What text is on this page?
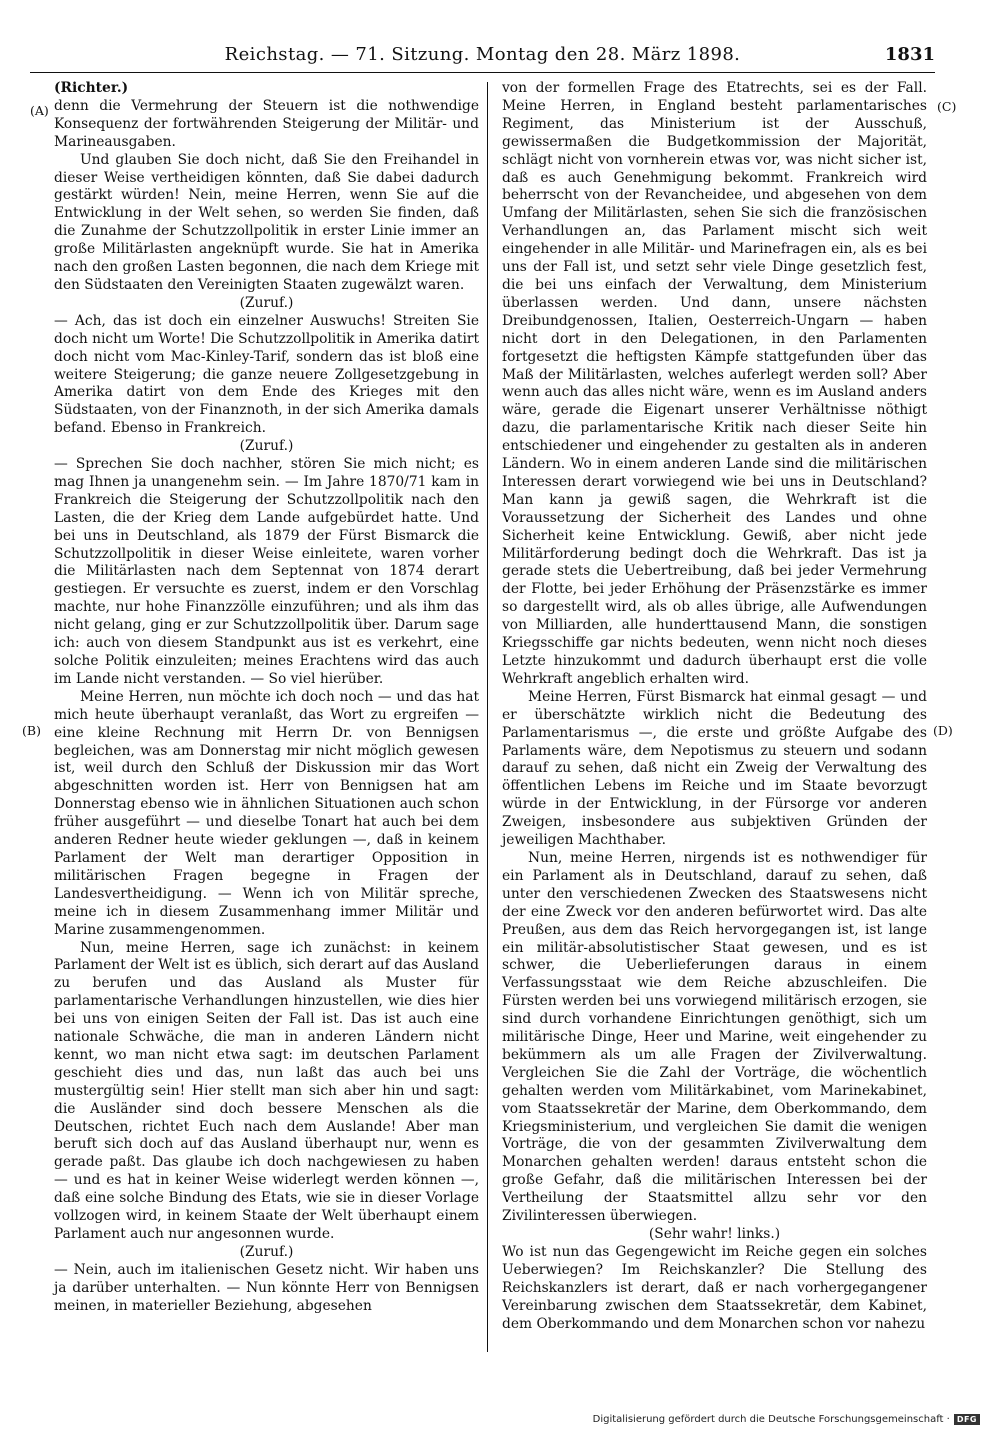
Reichstag. — 71. Sitzung. Montag den 28. März 1898.	1831
(A)
(B)
(C)
(D)

(Richter.)

denn die Vermehrung der Steuern ist die nothwendige Konsequenz der fortwährenden Steigerung der Militär- und Marineausgaben.

Und glauben Sie doch nicht, daß Sie den Freihandel in dieser Weise vertheidigen könnten, daß Sie dabei dadurch gestärkt würden! Nein, meine Herren, wenn Sie auf die Entwicklung in der Welt sehen, so werden Sie finden, daß die Zunahme der Schutzzollpolitik in erster Linie immer an große Militärlasten angeknüpft wurde. Sie hat in Amerika nach den großen Lasten begonnen, die nach dem Kriege mit den Südstaaten den Vereinigten Staaten zugewälzt waren.

(Zuruf.)

— Ach, das ist doch ein einzelner Auswuchs! Streiten Sie doch nicht um Worte! Die Schutzzollpolitik in Amerika datirt doch nicht vom Mac-Kinley-Tarif, sondern das ist bloß eine weitere Steigerung; die ganze neuere Zollgesetzgebung in Amerika datirt von dem Ende des Krieges mit den Südstaaten, von der Finanznoth, in der sich Amerika damals befand. Ebenso in Frankreich.

(Zuruf.)

— Sprechen Sie doch nachher, stören Sie mich nicht; es mag Ihnen ja unangenehm sein. — Im Jahre 1870/71 kam in Frankreich die Steigerung der Schutzzollpolitik nach den Lasten, die der Krieg dem Lande aufgebürdet hatte. Und bei uns in Deutschland, als 1879 der Fürst Bismarck die Schutzzollpolitik in dieser Weise einleitete, waren vorher die Militärlasten nach dem Septennat von 1874 derart gestiegen. Er versuchte es zuerst, indem er den Vorschlag machte, nur hohe Finanzzölle einzuführen; und als ihm das nicht gelang, ging er zur Schutzzollpolitik über. Darum sage ich: auch von diesem Standpunkt aus ist es verkehrt, eine solche Politik einzuleiten; meines Erachtens wird das auch im Lande nicht verstanden. — So viel hierüber.

Meine Herren, nun möchte ich doch noch — und das hat mich heute überhaupt veranlaßt, das Wort zu ergreifen — eine kleine Rechnung mit Herrn Dr. von Bennigsen begleichen, was am Donnerstag mir nicht möglich gewesen ist, weil durch den Schluß der Diskussion mir das Wort abgeschnitten worden ist. Herr von Bennigsen hat am Donnerstag ebenso wie in ähnlichen Situationen auch schon früher ausgeführt — und dieselbe Tonart hat auch bei dem anderen Redner heute wieder geklungen —, daß in keinem Parlament der Welt man derartiger Opposition in militärischen Fragen begegne in Fragen der Landesvertheidigung. — Wenn ich von Militär spreche, meine ich in diesem Zusammenhang immer Militär und Marine zusammengenommen.

Nun, meine Herren, sage ich zunächst: in keinem Parlament der Welt ist es üblich, sich derart auf das Ausland zu berufen und das Ausland als Muster für parlamentarische Verhandlungen hinzustellen, wie dies hier bei uns von einigen Seiten der Fall ist. Das ist auch eine nationale Schwäche, die man in anderen Ländern nicht kennt, wo man nicht etwa sagt: im deutschen Parlament geschieht dies und das, nun laßt das auch bei uns mustergültig sein! Hier stellt man sich aber hin und sagt: die Ausländer sind doch bessere Menschen als die Deutschen, richtet Euch nach dem Auslande! Aber man beruft sich doch auf das Ausland überhaupt nur, wenn es gerade paßt. Das glaube ich doch nachgewiesen zu haben — und es hat in keiner Weise widerlegt werden können —, daß eine solche Bindung des Etats, wie sie in dieser Vorlage vollzogen wird, in keinem Staate der Welt überhaupt einem Parlament auch nur angesonnen wurde.

(Zuruf.)

— Nein, auch im italienischen Gesetz nicht. Wir haben uns ja darüber unterhalten. — Nun könnte Herr von Bennigsen meinen, in materieller Beziehung, abgesehen

von der formellen Frage des Etatrechts, sei es der Fall. Meine Herren, in England besteht parlamentarisches Regiment, das Ministerium ist der Ausschuß, gewissermaßen die Budgetkommission der Majorität, schlägt nicht von vornherein etwas vor, was nicht sicher ist, daß es auch Genehmigung bekommt. Frankreich wird beherrscht von der Revancheidee, und abgesehen von dem Umfang der Militärlasten, sehen Sie sich die französischen Verhandlungen an, das Parlament mischt sich weit eingehender in alle Militär- und Marinefragen ein, als es bei uns der Fall ist, und setzt sehr viele Dinge gesetzlich fest, die bei uns einfach der Verwaltung, dem Ministerium überlassen werden. Und dann, unsere nächsten Dreibundgenossen, Italien, Oesterreich-Ungarn — haben nicht dort in den Delegationen, in den Parlamenten fortgesetzt die heftigsten Kämpfe stattgefunden über das Maß der Militärlasten, welches auferlegt werden soll? Aber wenn auch das alles nicht wäre, wenn es im Ausland anders wäre, gerade die Eigenart unserer Verhältnisse nöthigt dazu, die parlamentarische Kritik nach dieser Seite hin entschiedener und eingehender zu gestalten als in anderen Ländern. Wo in einem anderen Lande sind die militärischen Interessen derart vorwiegend wie bei uns in Deutschland? Man kann ja gewiß sagen, die Wehrkraft ist die Voraussetzung der Sicherheit des Landes und ohne Sicherheit keine Entwicklung. Gewiß, aber nicht jede Militärforderung bedingt doch die Wehrkraft. Das ist ja gerade stets die Uebertreibung, daß bei jeder Vermehrung der Flotte, bei jeder Erhöhung der Präsenzstärke es immer so dargestellt wird, als ob alles übrige, alle Aufwendungen von Milliarden, alle hunderttausend Mann, die sonstigen Kriegsschiffe gar nichts bedeuten, wenn nicht noch dieses Letzte hinzukommt und dadurch überhaupt erst die volle Wehrkraft angeblich erhalten wird.

Meine Herren, Fürst Bismarck hat einmal gesagt — und er überschätzte wirklich nicht die Bedeutung des Parlamentarismus —, die erste und größte Aufgabe des Parlaments wäre, dem Nepotismus zu steuern und sodann darauf zu sehen, daß nicht ein Zweig der Verwaltung des öffentlichen Lebens im Reiche und im Staate bevorzugt würde in der Entwicklung, in der Fürsorge vor anderen Zweigen, insbesondere aus subjektiven Gründen der jeweiligen Machthaber.

Nun, meine Herren, nirgends ist es nothwendiger für ein Parlament als in Deutschland, darauf zu sehen, daß unter den verschiedenen Zwecken des Staatswesens nicht der eine Zweck vor den anderen befürwortet wird. Das alte Preußen, aus dem das Reich hervorgegangen ist, ist lange ein militär-absolutistischer Staat gewesen, und es ist schwer, die Ueberlieferungen daraus in einem Verfassungsstaat wie dem Reiche abzuschleifen. Die Fürsten werden bei uns vorwiegend militärisch erzogen, sie sind durch vorhandene Einrichtungen genöthigt, sich um militärische Dinge, Heer und Marine, weit eingehender zu bekümmern als um alle Fragen der Zivilverwaltung. Vergleichen Sie die Zahl der Vorträge, die wöchentlich gehalten werden vom Militärkabinet, vom Marinekabinet, vom Staatssekretär der Marine, dem Oberkommando, dem Kriegsministerium, und vergleichen Sie damit die wenigen Vorträge, die von der gesammten Zivilverwaltung dem Monarchen gehalten werden! daraus entsteht schon die große Gefahr, daß die militärischen Interessen bei der Vertheilung der Staatsmittel allzu sehr vor den Zivilinteressen überwiegen.

(Sehr wahr! links.)

Wo ist nun das Gegengewicht im Reiche gegen ein solches Ueberwiegen? Im Reichskanzler? Die Stellung des Reichskanzlers ist derart, daß er nach vorhergegangener Vereinbarung zwischen dem Staatssekretär, dem Kabinet, dem Oberkommando und dem Monarchen schon vor nahezu

Digitalisierung gefördert durch die Deutsche Forschungsgemeinschaft · DFG
